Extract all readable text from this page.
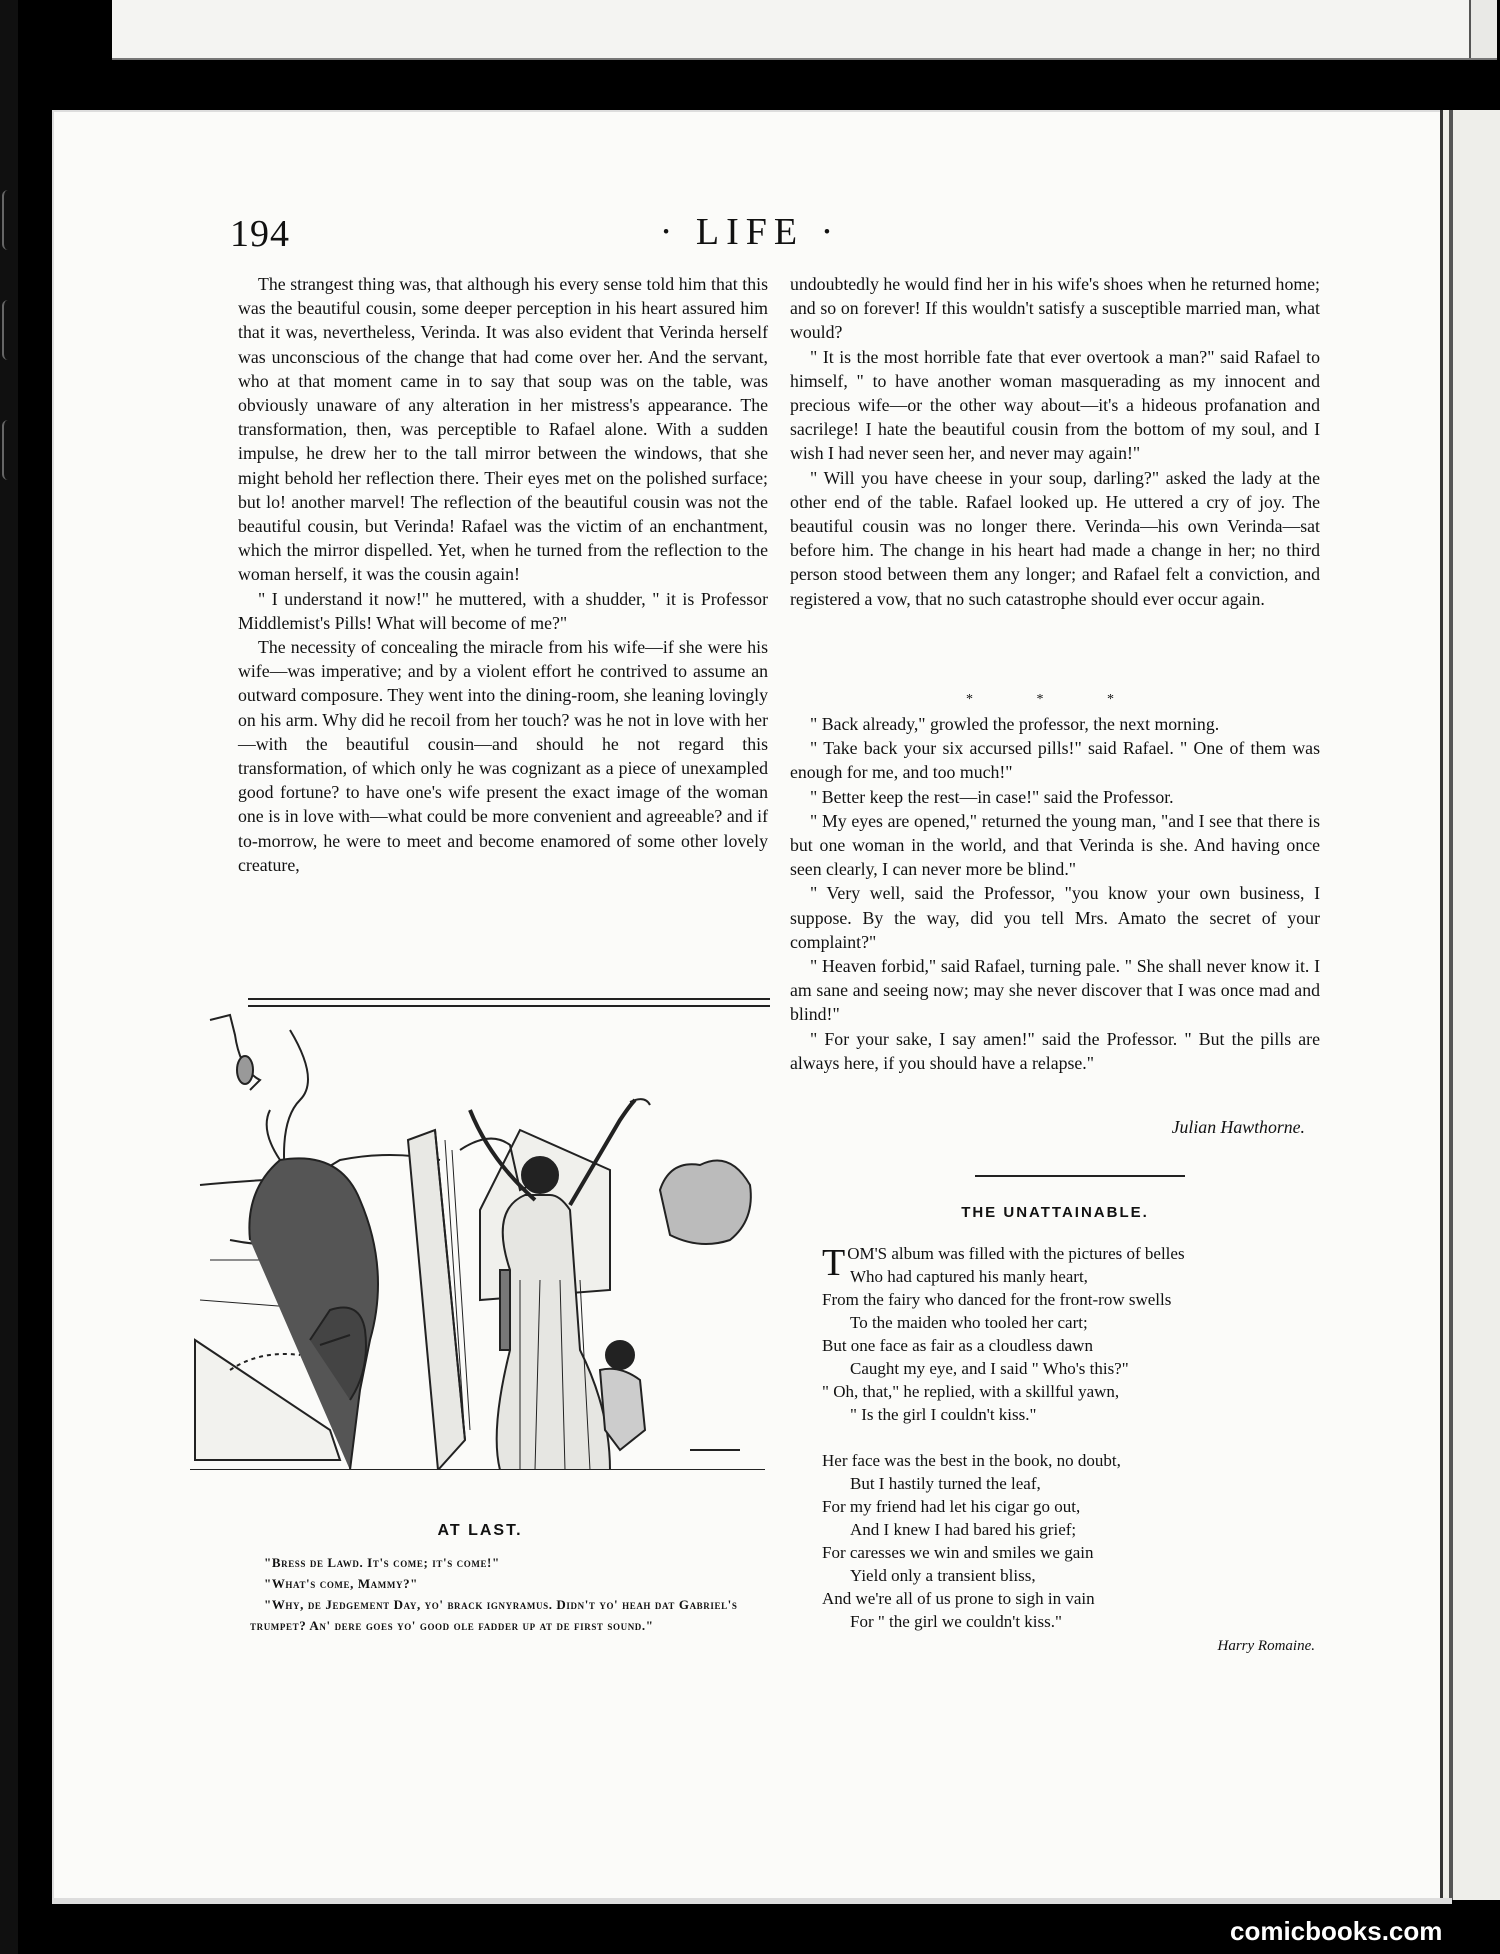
194	· LIFE ·

The strangest thing was, that although his every sense told him that this was the beautiful cousin, some deeper perception in his heart assured him that it was, nevertheless, Verinda. It was also evident that Verinda herself was unconscious of the change that had come over her. And the servant, who at that moment came in to say that soup was on the table, was obviously unaware of any alteration in her mistress's appearance. The transformation, then, was perceptible to Rafael alone. With a sudden impulse, he drew her to the tall mirror between the windows, that she might behold her reflection there. Their eyes met on the polished surface; but lo! another marvel! The reflection of the beautiful cousin was not the beautiful cousin, but Verinda! Rafael was the victim of an enchantment, which the mirror dispelled. Yet, when he turned from the reflection to the woman herself, it was the cousin again!

" I understand it now!" he muttered, with a shudder, " it is Professor Middlemist's Pills! What will become of me?"

The necessity of concealing the miracle from his wife—if she were his wife—was imperative; and by a violent effort he contrived to assume an outward composure. They went into the dining-room, she leaning lovingly on his arm. Why did he recoil from her touch? was he not in love with her—with the beautiful cousin—and should he not regard this transformation, of which only he was cognizant as a piece of unexampled good fortune? to have one's wife present the exact image of the woman one is in love with—what could be more convenient and agreeable? and if to-morrow, he were to meet and become enamored of some other lovely creature,

undoubtedly he would find her in his wife's shoes when he returned home; and so on forever! If this wouldn't satisfy a susceptible married man, what would?

" It is the most horrible fate that ever overtook a man?" said Rafael to himself, " to have another woman masquerading as my innocent and precious wife—or the other way about—it's a hideous profanation and sacrilege! I hate the beautiful cousin from the bottom of my soul, and I wish I had never seen her, and never may again!"

" Will you have cheese in your soup, darling?" asked the lady at the other end of the table. Rafael looked up. He uttered a cry of joy. The beautiful cousin was no longer there. Verinda—his own Verinda—sat before him. The change in his heart had made a change in her; no third person stood between them any longer; and Rafael felt a conviction, and registered a vow, that no such catastrophe should ever occur again.

* * *

" Back already," growled the professor, the next morning.

" Take back your six accursed pills!" said Rafael. " One of them was enough for me, and too much!"

" Better keep the rest—in case!" said the Professor.

" My eyes are opened," returned the young man, "and I see that there is but one woman in the world, and that Verinda is she. And having once seen clearly, I can never more be blind."

" Very well, said the Professor, "you know your own business, I suppose. By the way, did you tell Mrs. Amato the secret of your complaint?"

" Heaven forbid," said Rafael, turning pale. " She shall never know it. I am sane and seeing now; may she never discover that I was once mad and blind!"

" For your sake, I say amen!" said the Professor. " But the pills are always here, if you should have a relapse."

Julian Hawthorne.
AT LAST.

"Bress de Lawd. It's come; it's come!"

"What's come, Mammy?"

"Why, de Jedgement Day, yo' brack ignyramus. Didn't yo' heah dat Gabriel's trumpet? An' dere goes yo' good ole fadder up at de first sound."

THE UNATTAINABLE.
T OM'S album was filled with the pictures of belles
Who had captured his manly heart,
From the fairy who danced for the front-row swells
To the maiden who tooled her cart;
But one face as fair as a cloudless dawn
Caught my eye, and I said " Who's this?"
" Oh, that," he replied, with a skillful yawn,
" Is the girl I couldn't kiss."
Her face was the best in the book, no doubt,
But I hastily turned the leaf,
For my friend had let his cigar go out,
And I knew I had bared his grief;
For caresses we win and smiles we gain
Yield only a transient bliss,
And we're all of us prone to sigh in vain
For " the girl we couldn't kiss."
Harry Romaine.
comicbooks.com
